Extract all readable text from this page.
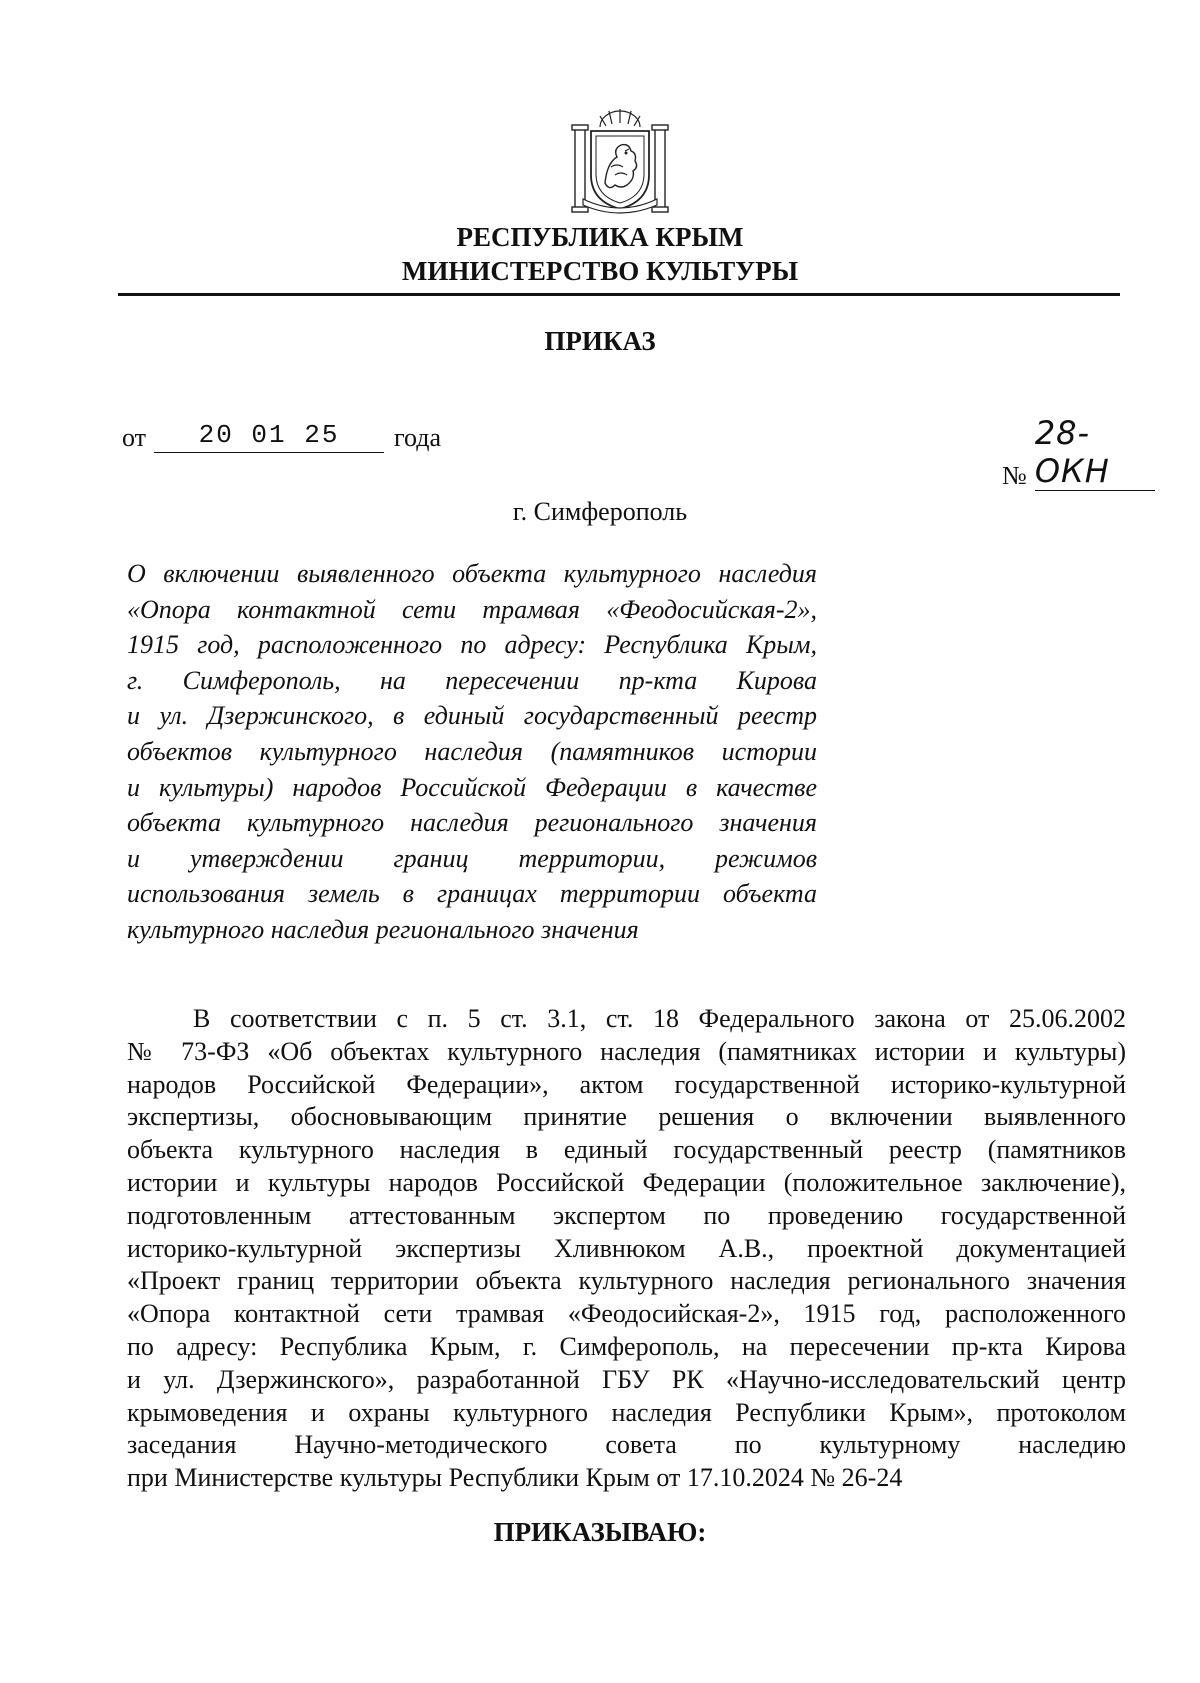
РЕСПУБЛИКА КРЫМ
МИНИСТЕРСТВО КУЛЬТУРЫ
ПРИКАЗ
от	20 01 25	года
№
28-ОКН
г. Симферополь
О включении выявленного объекта культурного наследия
«Опора контактной сети трамвая «Феодосийская-2»,
1915 год, расположенного по адресу: Республика Крым,
г. Симферополь, на пересечении пр-кта Кирова
и ул. Дзержинского, в единый государственный реестр
объектов культурного наследия (памятников истории
и культуры) народов Российской Федерации в качестве
объекта культурного наследия регионального значения
и утверждении границ территории, режимов
использования земель в границах территории объекта
культурного наследия регионального значения
В соответствии с п. 5 ст. 3.1, ст. 18 Федерального закона от 25.06.2002
№ 73-ФЗ «Об объектах культурного наследия (памятниках истории и культуры)
народов Российской Федерации», актом государственной историко-культурной
экспертизы, обосновывающим принятие решения о включении выявленного
объекта культурного наследия в единый государственный реестр (памятников
истории и культуры народов Российской Федерации (положительное заключение),
подготовленным аттестованным экспертом по проведению государственной
историко-культурной экспертизы Хливнюком А.В., проектной документацией
«Проект границ территории объекта культурного наследия регионального значения
«Опора контактной сети трамвая «Феодосийская-2», 1915 год, расположенного
по адресу: Республика Крым, г. Симферополь, на пересечении пр-кта Кирова
и ул. Дзержинского», разработанной ГБУ РК «Научно-исследовательский центр
крымоведения и охраны культурного наследия Республики Крым», протоколом
заседания Научно-методического совета по культурному наследию
при Министерстве культуры Республики Крым от 17.10.2024 № 26-24
ПРИКАЗЫВАЮ:
